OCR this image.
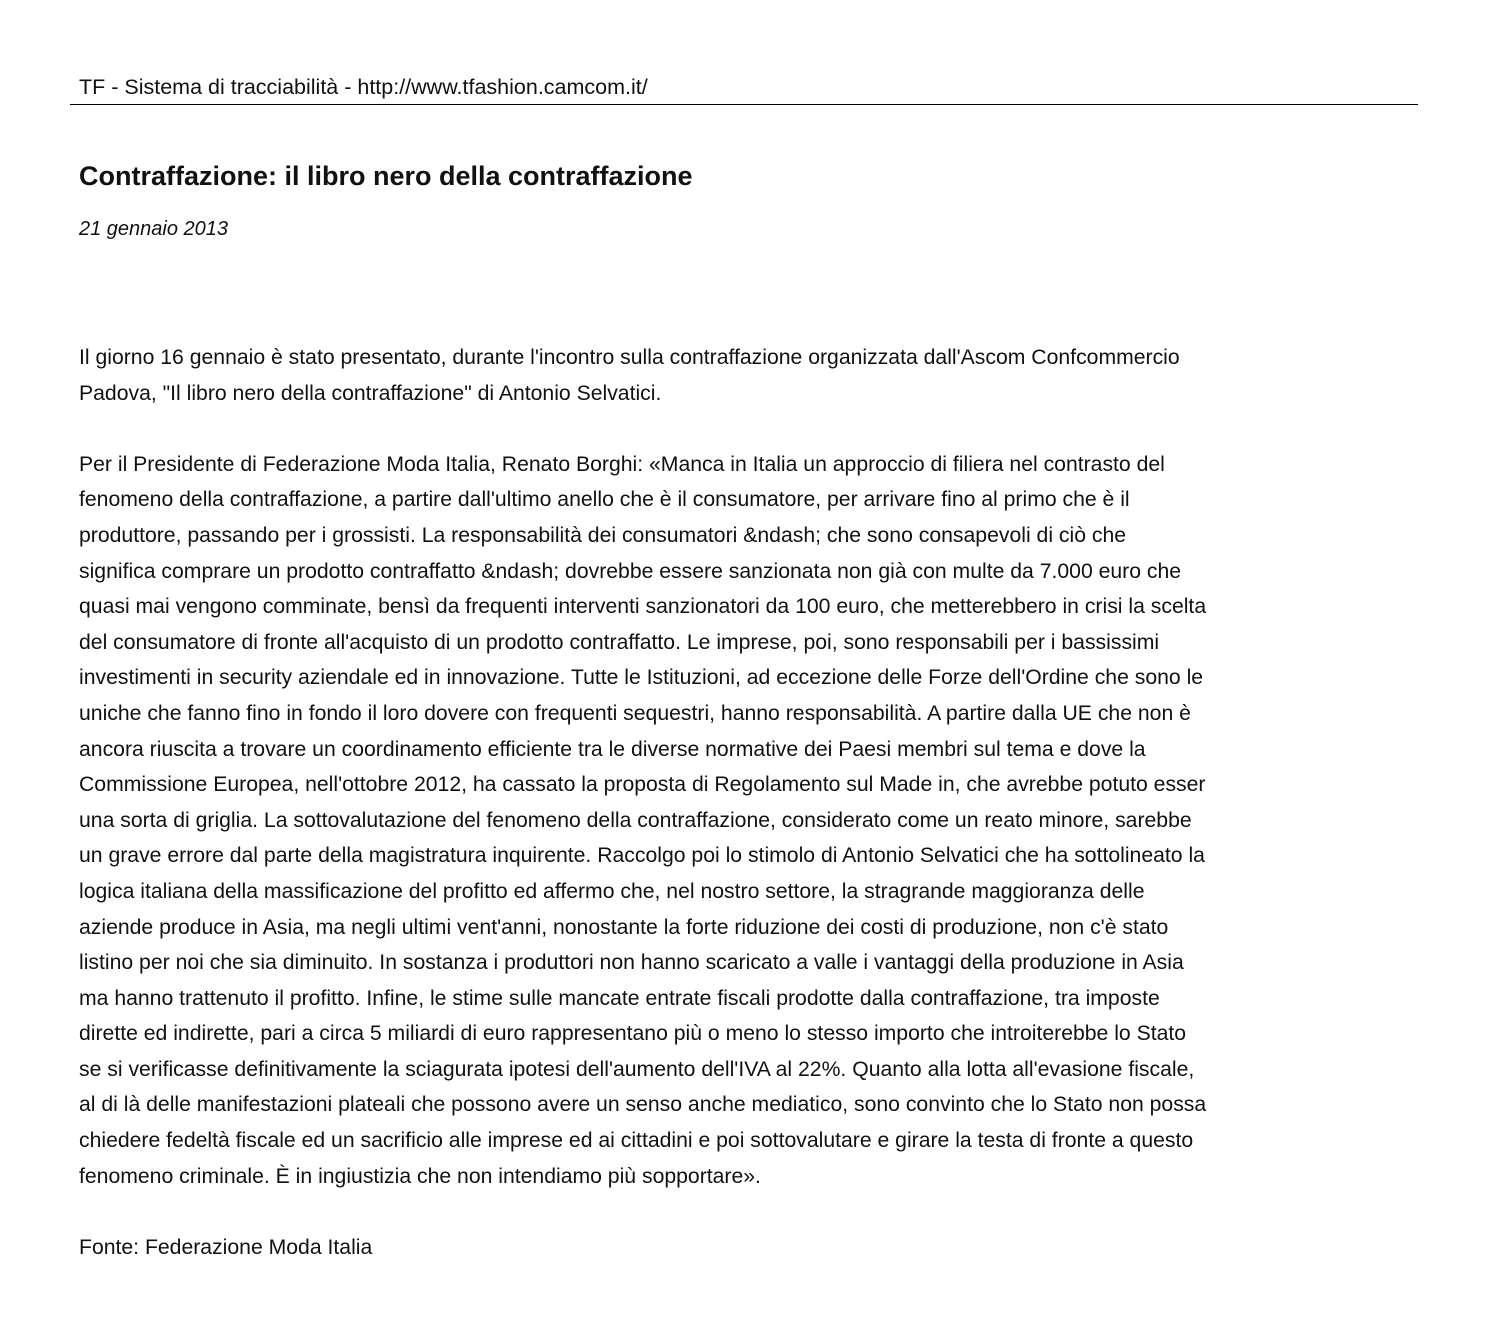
TF - Sistema di tracciabilità - http://www.tfashion.camcom.it/
Contraffazione: il libro nero della contraffazione
21 gennaio 2013

Il giorno 16 gennaio è stato presentato, durante l'incontro sulla contraffazione organizzata dall'Ascom Confcommercio
Padova, "Il libro nero della contraffazione" di Antonio Selvatici.

Per il Presidente di Federazione Moda Italia, Renato Borghi: «Manca in Italia un approccio di filiera nel contrasto del
fenomeno della contraffazione, a partire dall'ultimo anello che è il consumatore, per arrivare fino al primo che è il
produttore, passando per i grossisti. La responsabilità dei consumatori &ndash; che sono consapevoli di ciò che
significa comprare un prodotto contraffatto &ndash; dovrebbe essere sanzionata non già con multe da 7.000 euro che
quasi mai vengono comminate, bensì da frequenti interventi sanzionatori da 100 euro, che metterebbero in crisi la scelta
del consumatore di fronte all'acquisto di un prodotto contraffatto. Le imprese, poi, sono responsabili per i bassissimi
investimenti in security aziendale ed in innovazione. Tutte le Istituzioni, ad eccezione delle Forze dell'Ordine che sono le
uniche che fanno fino in fondo il loro dovere con frequenti sequestri, hanno responsabilità. A partire dalla UE che non è
ancora riuscita a trovare un coordinamento efficiente tra le diverse normative dei Paesi membri sul tema e dove la
Commissione Europea, nell'ottobre 2012, ha cassato la proposta di Regolamento sul Made in, che avrebbe potuto esser
una sorta di griglia. La sottovalutazione del fenomeno della contraffazione, considerato come un reato minore, sarebbe
un grave errore dal parte della magistratura inquirente. Raccolgo poi lo stimolo di Antonio Selvatici che ha sottolineato la
logica italiana della massificazione del profitto ed affermo che, nel nostro settore, la stragrande maggioranza delle
aziende produce in Asia, ma negli ultimi vent'anni, nonostante la forte riduzione dei costi di produzione, non c'è stato
listino per noi che sia diminuito. In sostanza i produttori non hanno scaricato a valle i vantaggi della produzione in Asia
ma hanno trattenuto il profitto. Infine, le stime sulle mancate entrate fiscali prodotte dalla contraffazione, tra imposte
dirette ed indirette, pari a circa 5 miliardi di euro rappresentano più o meno lo stesso importo che introiterebbe lo Stato
se si verificasse definitivamente la sciagurata ipotesi dell'aumento dell'IVA al 22%. Quanto alla lotta all'evasione fiscale,
al di là delle manifestazioni plateali che possono avere un senso anche mediatico, sono convinto che lo Stato non possa
chiedere fedeltà fiscale ed un sacrificio alle imprese ed ai cittadini e poi sottovalutare e girare la testa di fronte a questo
fenomeno criminale. È in ingiustizia che non intendiamo più sopportare».

Fonte: Federazione Moda Italia
